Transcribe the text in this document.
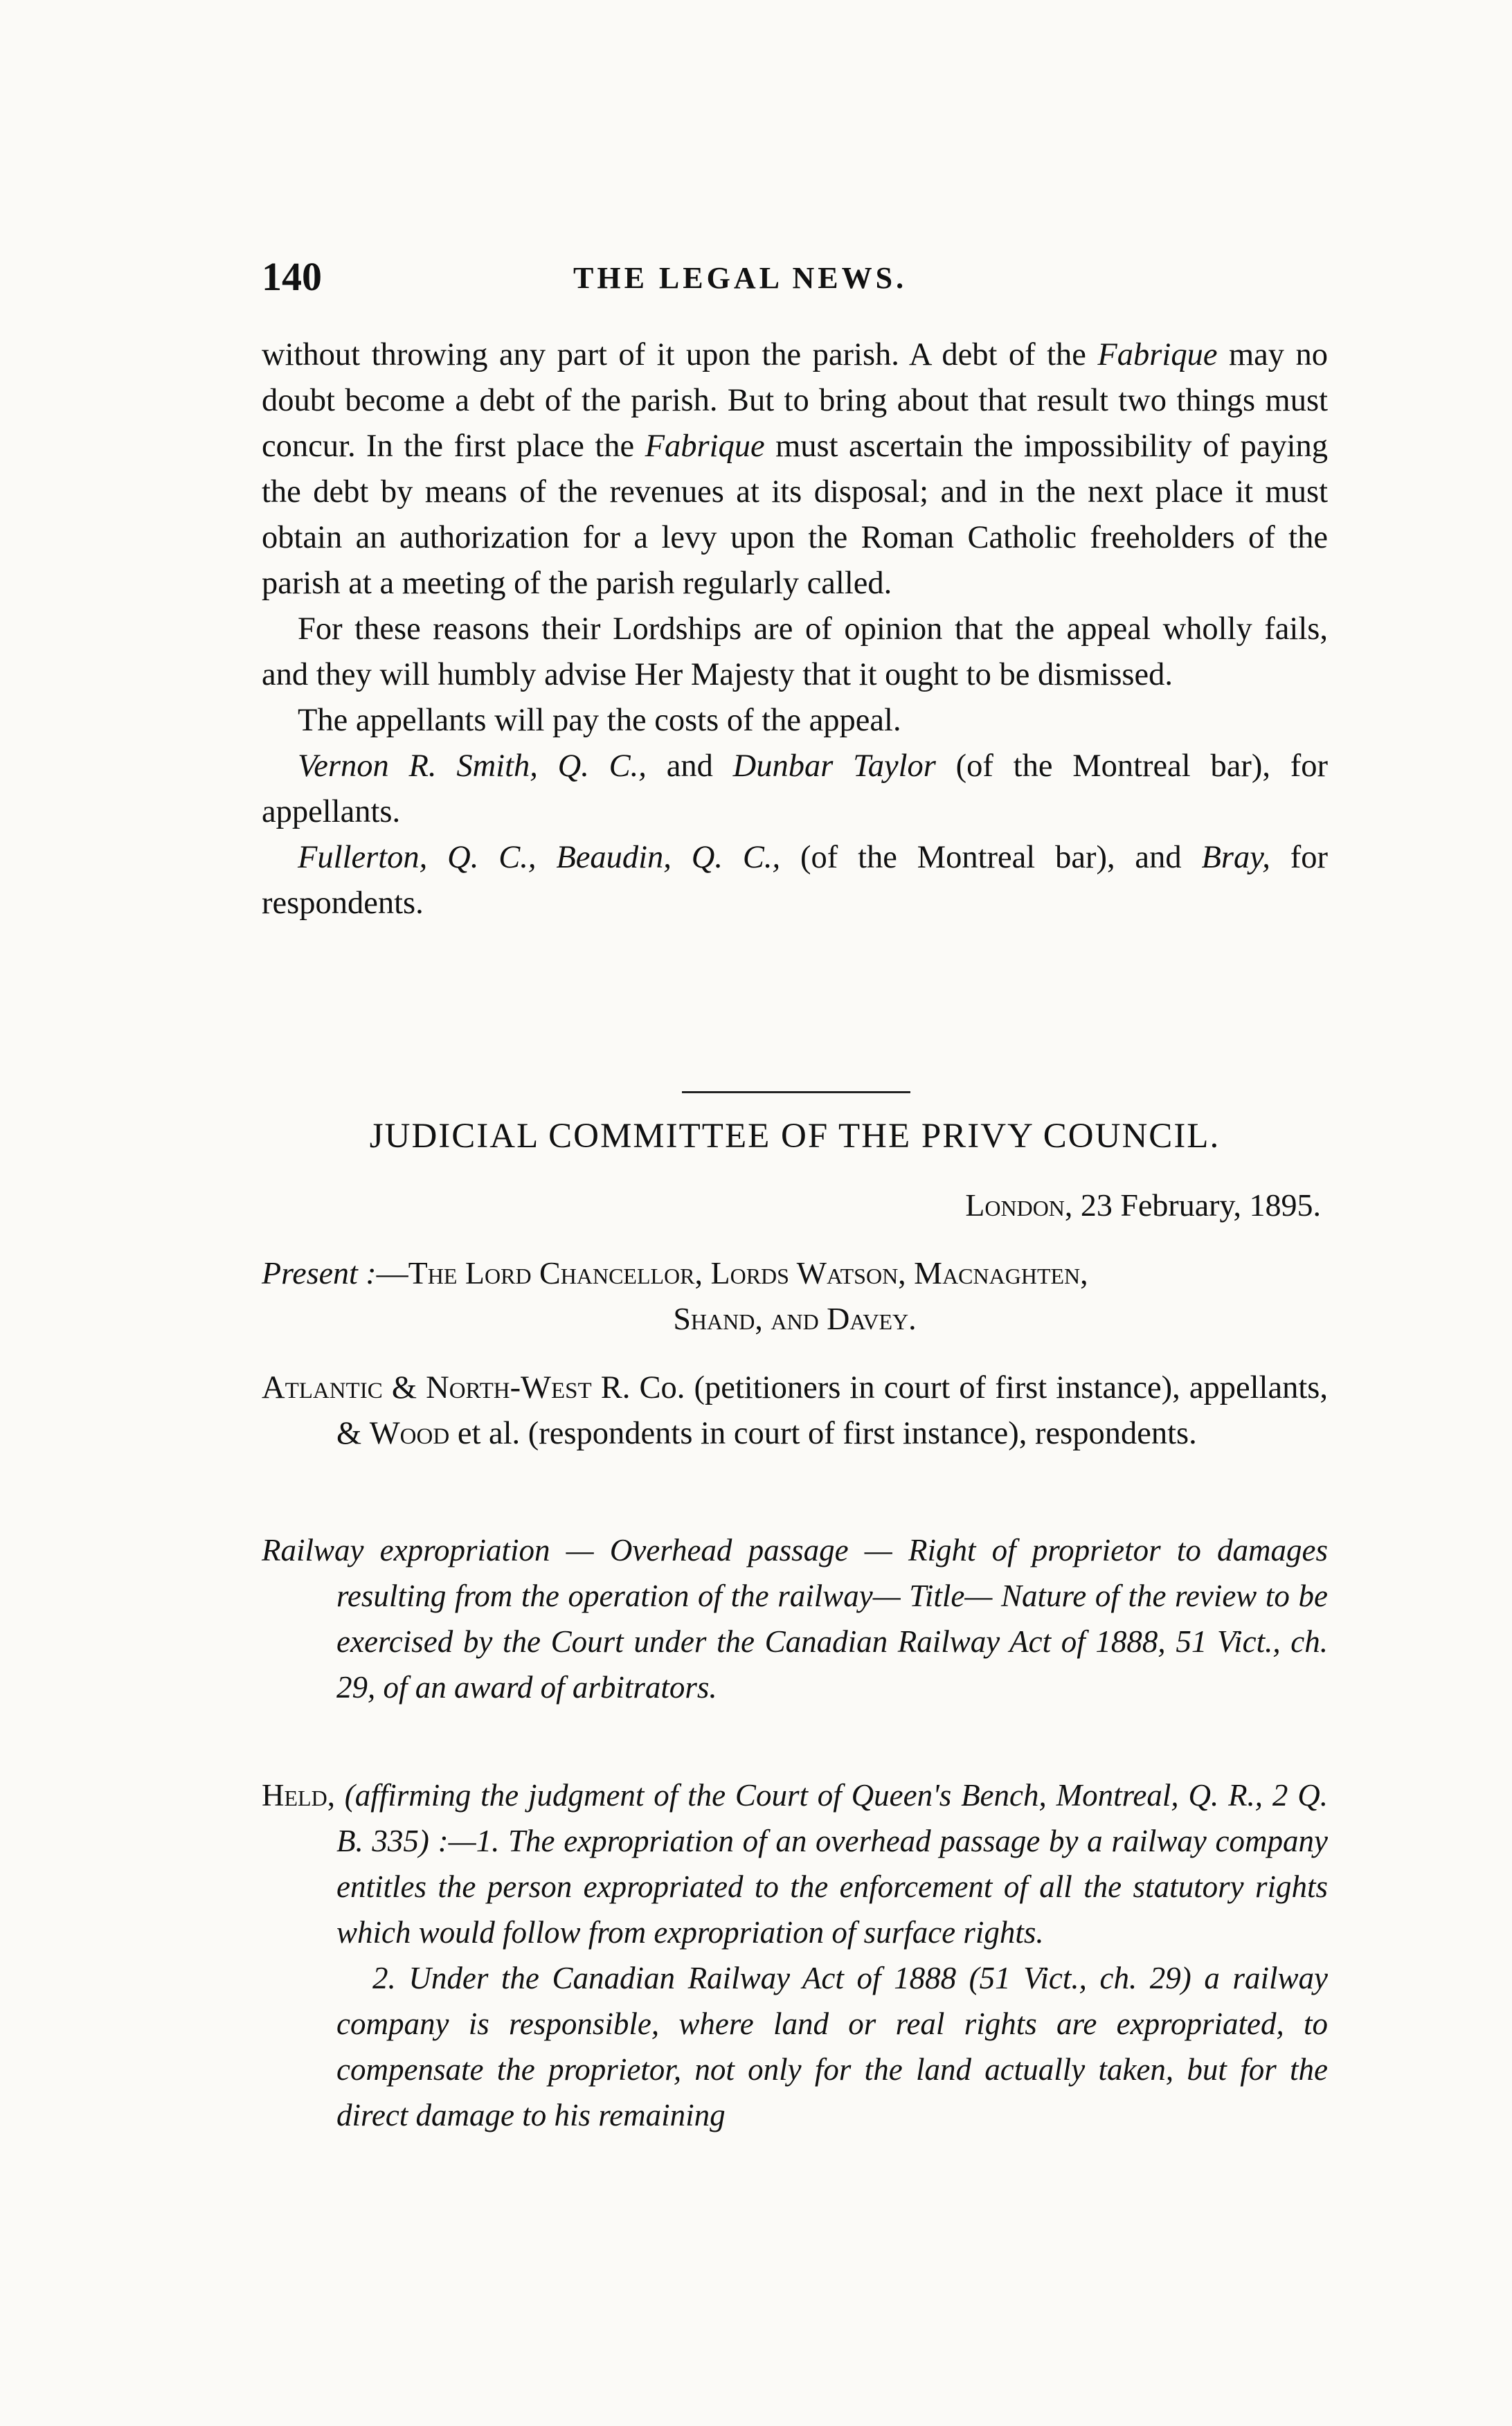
140	THE LEGAL NEWS.

without throwing any part of it upon the parish. A debt of the Fabrique may no doubt become a debt of the parish. But to bring about that result two things must concur. In the first place the Fabrique must ascertain the impossibility of paying the debt by means of the revenues at its disposal; and in the next place it must obtain an authorization for a levy upon the Roman Catholic freeholders of the parish at a meeting of the parish regularly called.

For these reasons their Lordships are of opinion that the appeal wholly fails, and they will humbly advise Her Majesty that it ought to be dismissed.

The appellants will pay the costs of the appeal.

Vernon R. Smith, Q. C., and Dunbar Taylor (of the Montreal bar), for appellants.

Fullerton, Q. C., Beaudin, Q. C., (of the Montreal bar), and Bray, for respondents.

JUDICIAL COMMITTEE OF THE PRIVY COUNCIL.
London, 23 February, 1895.
Present :—The Lord Chancellor, Lords Watson, Macnaghten,
Shand, and Davey.

Atlantic & North-West R. Co. (petitioners in court of first instance), appellants, & Wood et al. (respondents in court of first instance), respondents.

Railway expropriation — Overhead passage — Right of proprietor to damages resulting from the operation of the railway— Title— Nature of the review to be exercised by the Court under the Canadian Railway Act of 1888, 51 Vict., ch. 29, of an award of arbitrators.

Held, (affirming the judgment of the Court of Queen's Bench, Montreal, Q. R., 2 Q. B. 335) :—1. The expropriation of an overhead passage by a railway company entitles the person expropriated to the enforcement of all the statutory rights which would follow from expropriation of surface rights.

2. Under the Canadian Railway Act of 1888 (51 Vict., ch. 29) a railway company is responsible, where land or real rights are expropriated, to compensate the proprietor, not only for the land actually taken, but for the direct damage to his remaining
